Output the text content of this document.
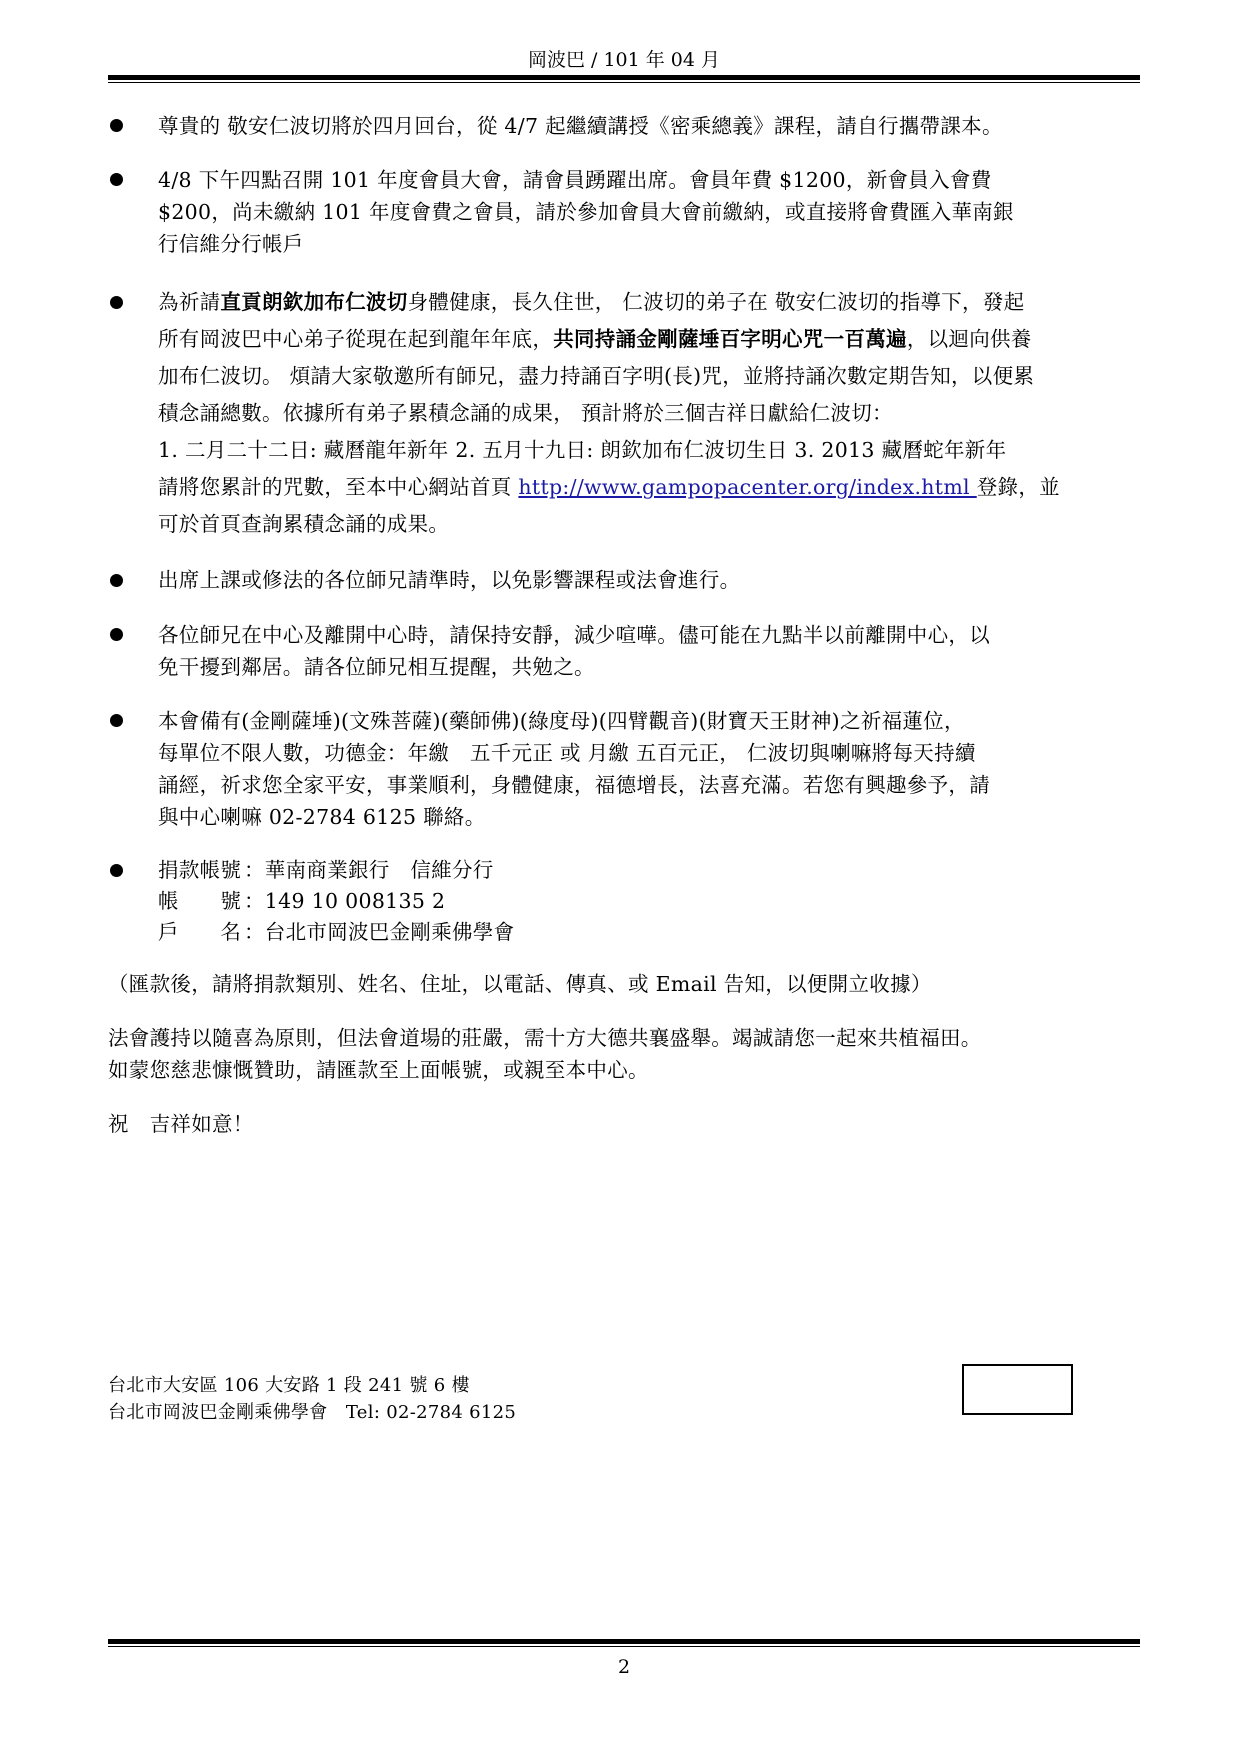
岡波巴 / 101 年 04 月
尊貴的 敬安仁波切將於四月回台，從 4/7 起繼續講授《密乘總義》課程，請自行攜帶課本。
4/8 下午四點召開 101 年度會員大會，請會員踴躍出席。會員年費 $1200，新會員入會費
$200，尚未繳納 101 年度會費之會員，請於參加會員大會前繳納，或直接將會費匯入華南銀
行信維分行帳戶
為祈請直貢朗欽加布仁波切身體健康，長久住世， 仁波切的弟子在 敬安仁波切的指導下，發起
所有岡波巴中心弟子從現在起到龍年年底，共同持誦金剛薩埵百字明心咒一百萬遍，以迴向供養
加布仁波切。 煩請大家敬邀所有師兄，盡力持誦百字明(長)咒，並將持誦次數定期告知，以便累
積念誦總數。依據所有弟子累積念誦的成果， 預計將於三個吉祥日獻給仁波切：
1. 二月二十二日: 藏曆龍年新年 2. 五月十九日: 朗欽加布仁波切生日 3. 2013 藏曆蛇年新年
請將您累計的咒數，至本中心網站首頁 http://www.gampopacenter.org/index.html 登錄，並
可於首頁查詢累積念誦的成果。
出席上課或修法的各位師兄請準時，以免影響課程或法會進行。
各位師兄在中心及離開中心時，請保持安靜，減少喧嘩。儘可能在九點半以前離開中心，以
免干擾到鄰居。請各位師兄相互提醒，共勉之。
本會備有(金剛薩埵)(文殊菩薩)(藥師佛)(綠度母)(四臂觀音)(財寶天王財神)之祈福蓮位，
每單位不限人數，功德金：年繳　五千元正 或 月繳 五百元正， 仁波切與喇嘛將每天持續
誦經，祈求您全家平安，事業順利，身體健康，福德增長，法喜充滿。若您有興趣參予，請
與中心喇嘛 02-2784 6125 聯絡。
捐款帳號 ：華南商業銀行　信維分行
帳　　號 ：149 10 008135 2
戶　　名 ：台北市岡波巴金剛乘佛學會
（匯款後，請將捐款類別、姓名、住址，以電話、傳真、或 Email 告知，以便開立收據）
法會護持以隨喜為原則，但法會道場的莊嚴，需十方大德共襄盛舉。竭誠請您一起來共植福田。
如蒙您慈悲慷慨贊助，請匯款至上面帳號，或親至本中心。
祝　吉祥如意！
台北市大安區 106 大安路 1 段 241 號 6 樓
台北市岡波巴金剛乘佛學會　Tel: 02-2784 6125
2
